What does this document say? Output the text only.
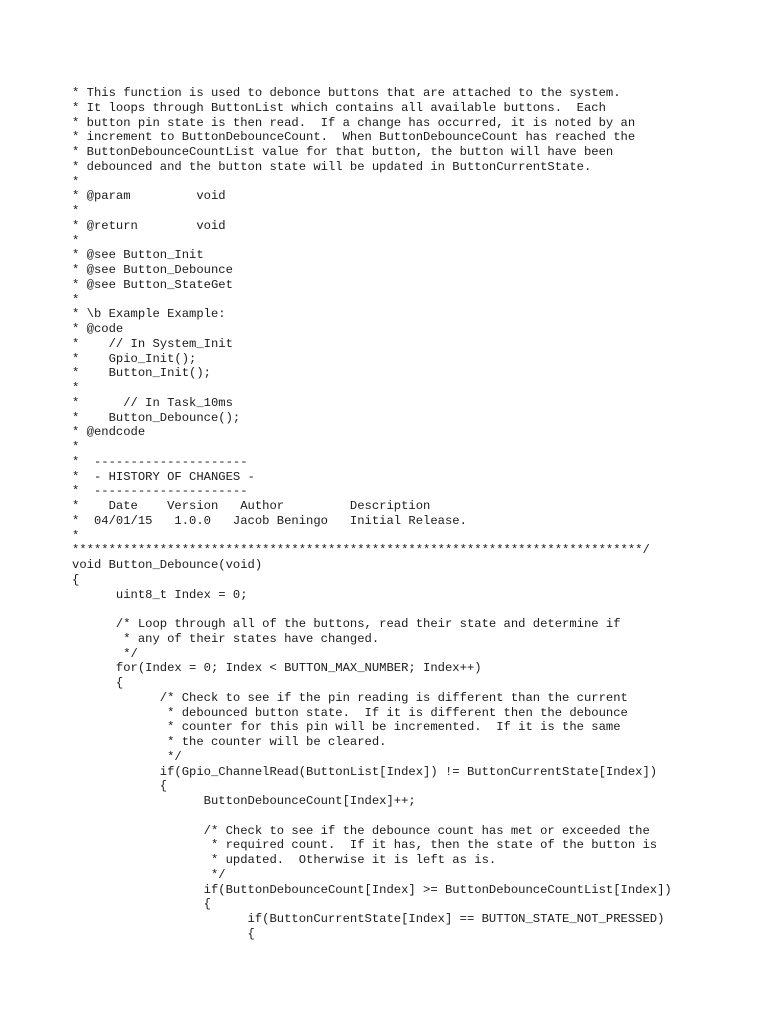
* This function is used to debonce buttons that are attached to the system.
* It loops through ButtonList which contains all available buttons.  Each
* button pin state is then read.  If a change has occurred, it is noted by an
* increment to ButtonDebounceCount.  When ButtonDebounceCount has reached the
* ButtonDebounceCountList value for that button, the button will have been
* debounced and the button state will be updated in ButtonCurrentState.
*
* @param         void
*
* @return        void
*
* @see Button_Init
* @see Button_Debounce
* @see Button_StateGet
*
* \b Example Example:
* @code
*    // In System_Init
*    Gpio_Init();
*    Button_Init();
*
*      // In Task_10ms
*    Button_Debounce();
* @endcode
*
*  ---------------------
*  - HISTORY OF CHANGES -
*  ---------------------
*    Date    Version   Author         Description
*  04/01/15   1.0.0   Jacob Beningo   Initial Release.
*
******************************************************************************/
void Button_Debounce(void)
{
uint8_t Index = 0;
/* Loop through all of the buttons, read their state and determine if
* any of their states have changed.
*/
for(Index = 0; Index < BUTTON_MAX_NUMBER; Index++)
{
/* Check to see if the pin reading is different than the current
* debounced button state.  If it is different then the debounce
* counter for this pin will be incremented.  If it is the same
* the counter will be cleared.
*/
if(Gpio_ChannelRead(ButtonList[Index]) != ButtonCurrentState[Index])
{
ButtonDebounceCount[Index]++;
/* Check to see if the debounce count has met or exceeded the
* required count.  If it has, then the state of the button is
* updated.  Otherwise it is left as is.
*/
if(ButtonDebounceCount[Index] >= ButtonDebounceCountList[Index])
{
if(ButtonCurrentState[Index] == BUTTON_STATE_NOT_PRESSED)
{
